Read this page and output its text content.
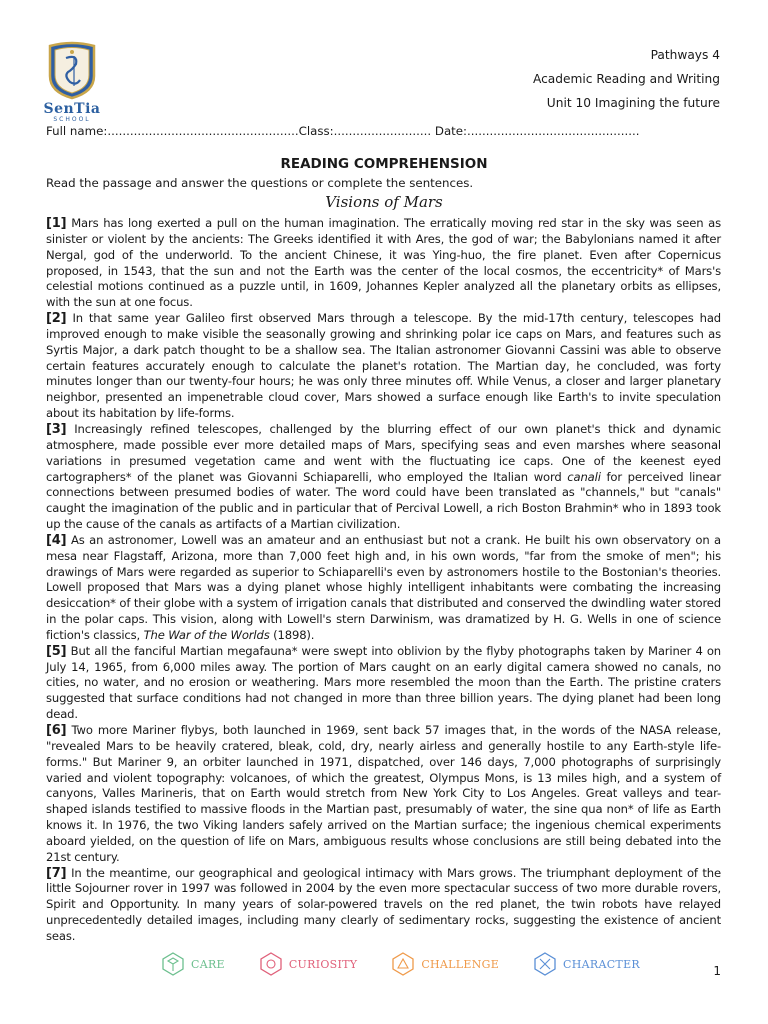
SenTia
SCHOOL
Pathways 4
Academic Reading and Writing
Unit 10 Imagining the future
Full name:...................................................Class:.......................... Date:..............................................
READING COMPREHENSION
Read the passage and answer the questions or complete the sentences.
Visions of Mars

[1] Mars has long exerted a pull on the human imagination. The erratically moving red star in the sky was seen as sinister or violent by the ancients: The Greeks identified it with Ares, the god of war; the Babylonians named it after Nergal, god of the underworld. To the ancient Chinese, it was Ying-huo, the fire planet. Even after Copernicus proposed, in 1543, that the sun and not the Earth was the center of the local cosmos, the eccentricity* of Mars's celestial motions continued as a puzzle until, in 1609, Johannes Kepler analyzed all the planetary orbits as ellipses, with the sun at one focus.

[2] In that same year Galileo first observed Mars through a telescope. By the mid-17th century, telescopes had improved enough to make visible the seasonally growing and shrinking polar ice caps on Mars, and features such as Syrtis Major, a dark patch thought to be a shallow sea. The Italian astronomer Giovanni Cassini was able to observe certain features accurately enough to calculate the planet's rotation. The Martian day, he concluded, was forty minutes longer than our twenty-four hours; he was only three minutes off. While Venus, a closer and larger planetary neighbor, presented an impenetrable cloud cover, Mars showed a surface enough like Earth's to invite speculation about its habitation by life-forms.

[3] Increasingly refined telescopes, challenged by the blurring effect of our own planet's thick and dynamic atmosphere, made possible ever more detailed maps of Mars, specifying seas and even marshes where seasonal variations in presumed vegetation came and went with the fluctuating ice caps. One of the keenest eyed cartographers* of the planet was Giovanni Schiaparelli, who employed the Italian word canali for perceived linear connections between presumed bodies of water. The word could have been translated as "channels," but "canals" caught the imagination of the public and in particular that of Percival Lowell, a rich Boston Brahmin* who in 1893 took up the cause of the canals as artifacts of a Martian civilization.

[4] As an astronomer, Lowell was an amateur and an enthusiast but not a crank. He built his own observatory on a mesa near Flagstaff, Arizona, more than 7,000 feet high and, in his own words, "far from the smoke of men"; his drawings of Mars were regarded as superior to Schiaparelli's even by astronomers hostile to the Bostonian's theories. Lowell proposed that Mars was a dying planet whose highly intelligent inhabitants were combating the increasing desiccation* of their globe with a system of irrigation canals that distributed and conserved the dwindling water stored in the polar caps. This vision, along with Lowell's stern Darwinism, was dramatized by H. G. Wells in one of science fiction's classics, The War of the Worlds (1898).

[5] But all the fanciful Martian megafauna* were swept into oblivion by the flyby photographs taken by Mariner 4 on July 14, 1965, from 6,000 miles away. The portion of Mars caught on an early digital camera showed no canals, no cities, no water, and no erosion or weathering. Mars more resembled the moon than the Earth. The pristine craters suggested that surface conditions had not changed in more than three billion years. The dying planet had been long dead.

[6] Two more Mariner flybys, both launched in 1969, sent back 57 images that, in the words of the NASA release, "revealed Mars to be heavily cratered, bleak, cold, dry, nearly airless and generally hostile to any Earth-style life-forms." But Mariner 9, an orbiter launched in 1971, dispatched, over 146 days, 7,000 photographs of surprisingly varied and violent topography: volcanoes, of which the greatest, Olympus Mons, is 13 miles high, and a system of canyons, Valles Marineris, that on Earth would stretch from New York City to Los Angeles. Great valleys and tear-shaped islands testified to massive floods in the Martian past, presumably of water, the sine qua non* of life as Earth knows it. In 1976, the two Viking landers safely arrived on the Martian surface; the ingenious chemical experiments aboard yielded, on the question of life on Mars, ambiguous results whose conclusions are still being debated into the 21st century.

[7] In the meantime, our geographical and geological intimacy with Mars grows. The triumphant deployment of the little Sojourner rover in 1997 was followed in 2004 by the even more spectacular success of two more durable rovers, Spirit and Opportunity. In many years of solar-powered travels on the red planet, the twin robots have relayed unprecedentedly detailed images, including many clearly of sedimentary rocks, suggesting the existence of ancient seas.

CARE	CURIOSITY	CHALLENGE	CHARACTER	1
